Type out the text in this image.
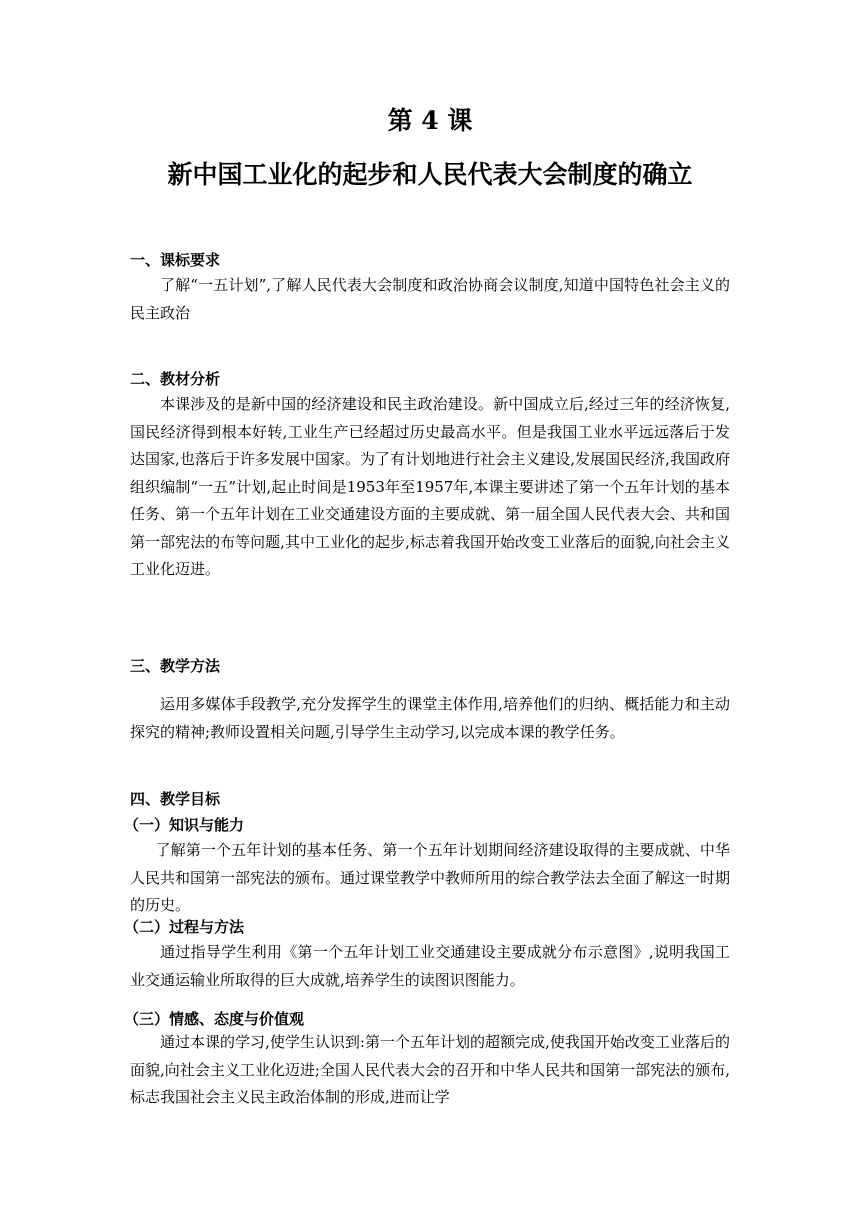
第 4 课
新中国工业化的起步和人民代表大会制度的确立
一、课标要求

了解“一五计划”,了解人民代表大会制度和政治协商会议制度,知道中国特色社会主义的民主政治

二、教材分析

本课涉及的是新中国的经济建设和民主政治建设。新中国成立后,经过三年的经济恢复,国民经济得到根本好转,工业生产已经超过历史最高水平。但是我国工业水平远远落后于发达国家,也落后于许多发展中国家。为了有计划地进行社会主义建设,发展国民经济,我国政府组织编制“一五”计划,起止时间是1953年至1957年,本课主要讲述了第一个五年计划的基本任务、第一个五年计划在工业交通建设方面的主要成就、第一届全国人民代表大会、共和国第一部宪法的布等问题,其中工业化的起步,标志着我国开始改变工业落后的面貌,向社会主义工业化迈进。

三、教学方法

运用多媒体手段教学,充分发挥学生的课堂主体作用,培养他们的归纳、概括能力和主动探究的精神;教师设置相关问题,引导学生主动学习,以完成本课的教学任务。

四、教学目标
（一）知识与能力

了解第一个五年计划的基本任务、第一个五年计划期间经济建设取得的主要成就、中华人民共和国第一部宪法的颁布。通过课堂教学中教师所用的综合教学法去全面了解这一时期的历史。

（二）过程与方法

通过指导学生利用《第一个五年计划工业交通建设主要成就分布示意图》,说明我国工业交通运输业所取得的巨大成就,培养学生的读图识图能力。

（三）情感、态度与价值观

通过本课的学习,使学生认识到:第一个五年计划的超额完成,使我国开始改变工业落后的面貌,向社会主义工业化迈进;全国人民代表大会的召开和中华人民共和国第一部宪法的颁布,标志我国社会主义民主政治体制的形成,进而让学
